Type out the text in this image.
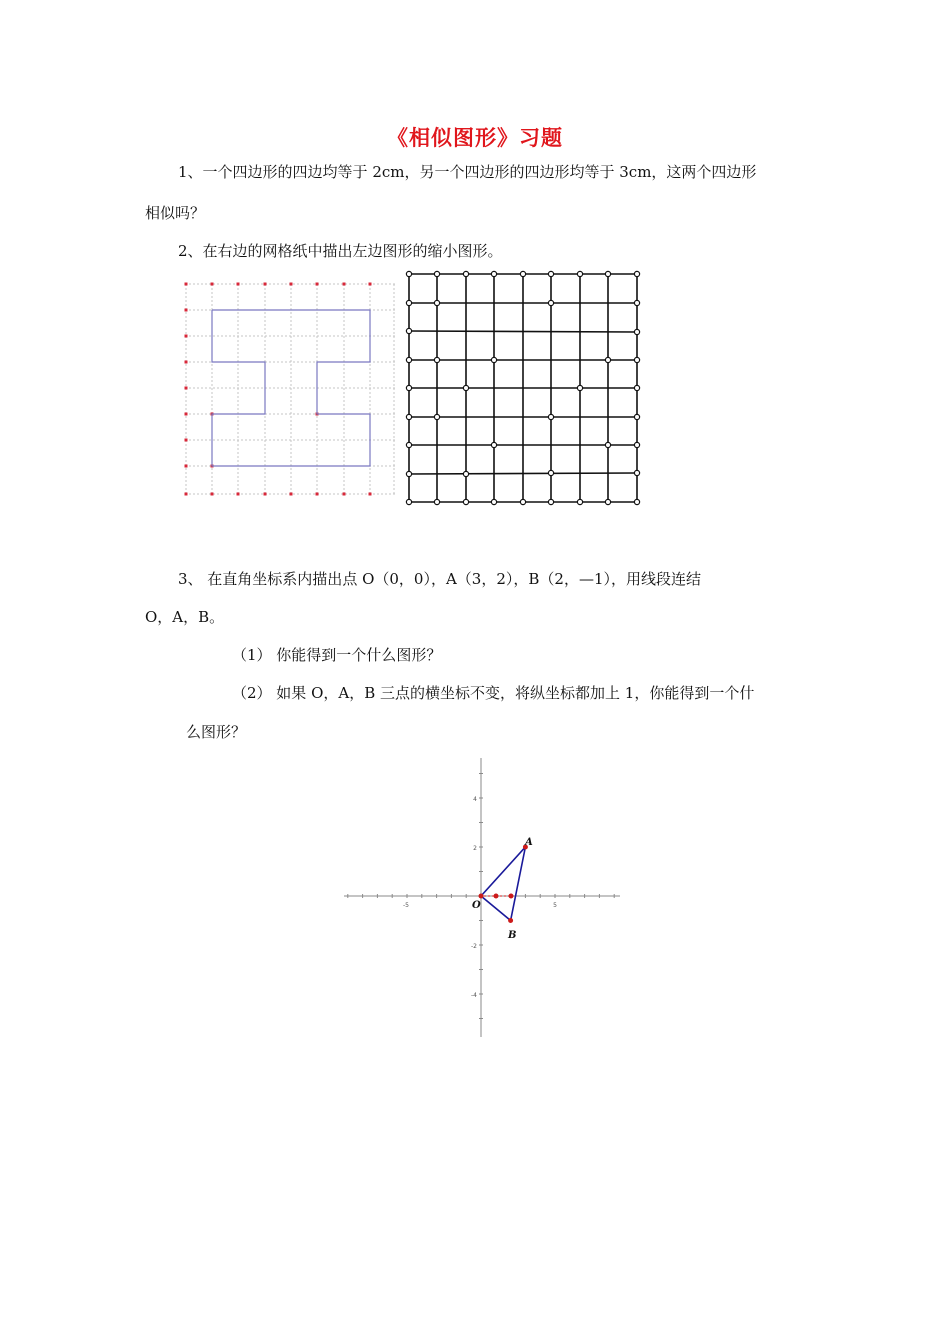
《相似图形》习题
1、一个四边形的四边均等于 2cm，另一个四边形的四边形均等于 3cm，这两个四边形
相似吗？
2、在右边的网格纸中描出左边图形的缩小图形。
3、 在直角坐标系内描出点 O（0，0），A（3，2），B（2，—1），用线段连结
O，A，B。
（1） 你能得到一个什么图形？
（2） 如果 O，A，B 三点的横坐标不变，将纵坐标都加上 1，你能得到一个什
么图形？
-5	5
4
2
-2
-4
O
A
B
